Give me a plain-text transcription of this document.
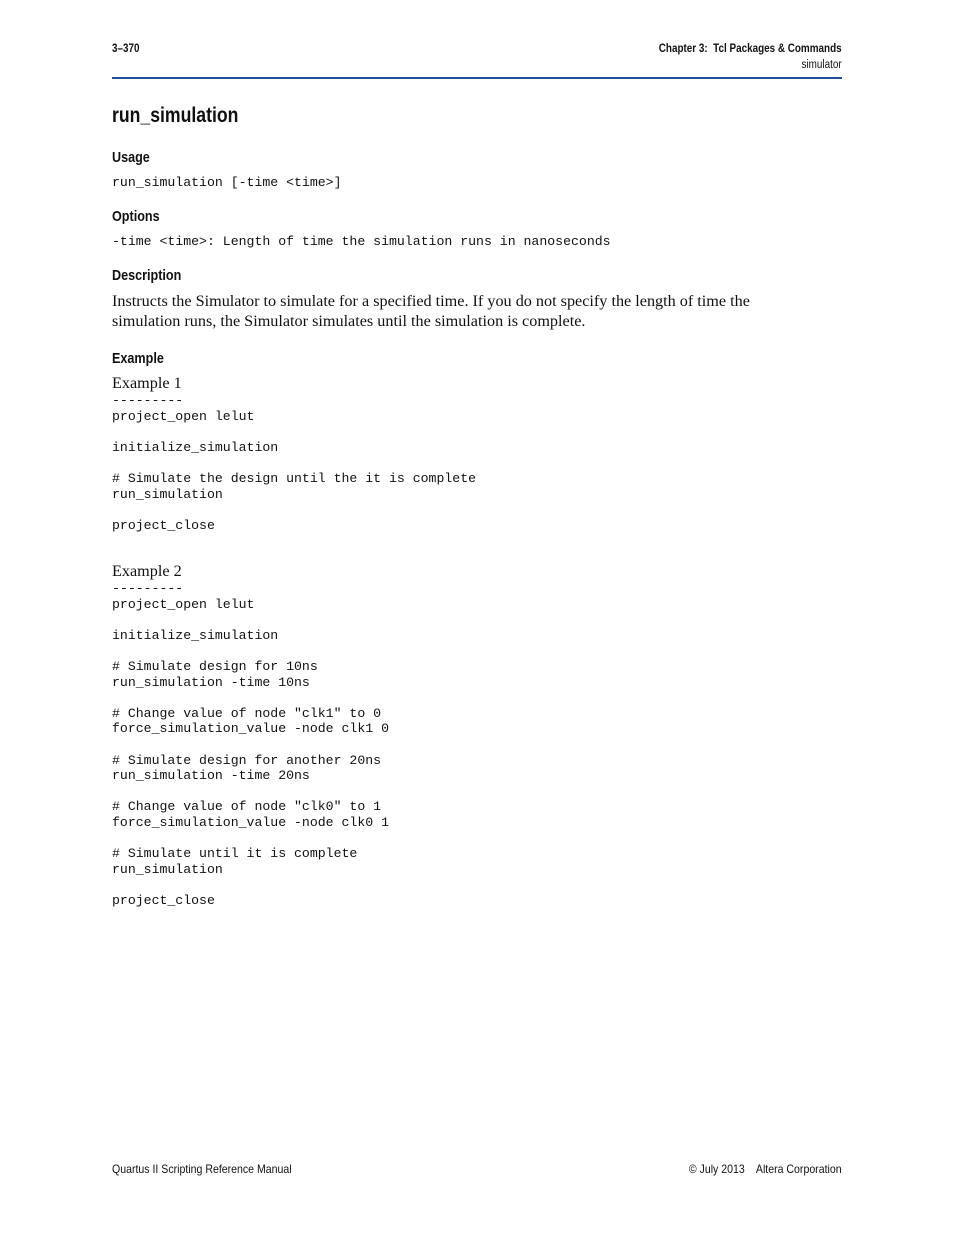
3–370	Chapter 3:  Tcl Packages & Commands
simulator
run_simulation
Usage
run_simulation [-time <time>]
Options
-time <time>: Length of time the simulation runs in nanoseconds
Description

Instructs the Simulator to simulate for a specified time. If you do not specify the length of time the simulation runs, the Simulator simulates until the simulation is complete.

Example
Example 1
---------
project_open lelut

initialize_simulation

# Simulate the design until the it is complete
run_simulation

project_close
Example 2
---------
project_open lelut

initialize_simulation

# Simulate design for 10ns
run_simulation -time 10ns

# Change value of node "clk1" to 0
force_simulation_value -node clk1 0

# Simulate design for another 20ns
run_simulation -time 20ns

# Change value of node "clk0" to 1
force_simulation_value -node clk0 1

# Simulate until it is complete
run_simulation

project_close
Quartus II Scripting Reference Manual	© July 2013    Altera Corporation
